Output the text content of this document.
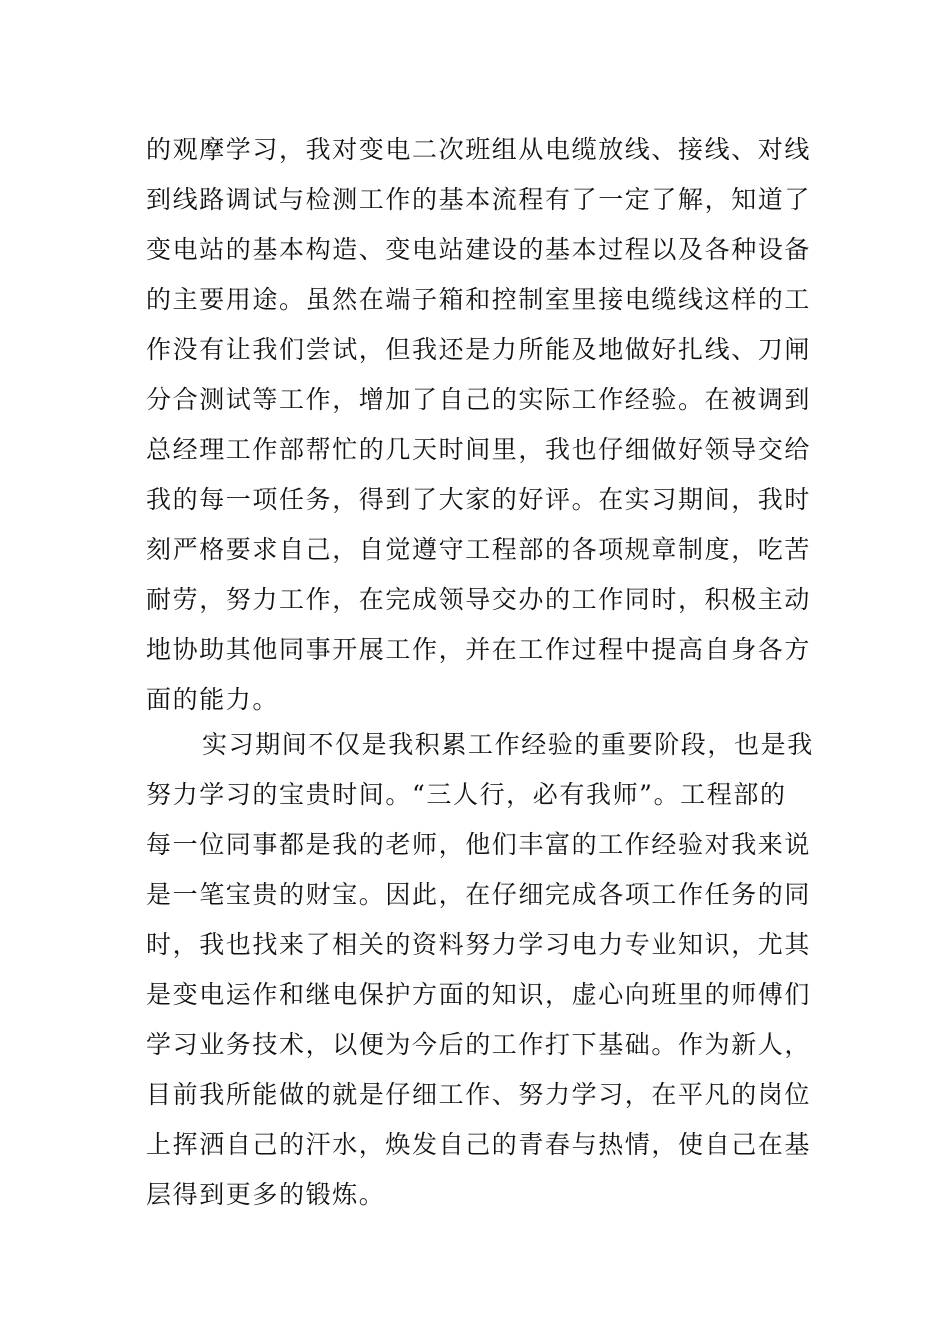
的观摩学习，我对变电二次班组从电缆放线、接线、对线
到线路调试与检测工作的基本流程有了一定了解，知道了
变电站的基本构造、变电站建设的基本过程以及各种设备
的主要用途。虽然在端子箱和控制室里接电缆线这样的工
作没有让我们尝试，但我还是力所能及地做好扎线、刀闸
分合测试等工作，增加了自己的实际工作经验。在被调到
总经理工作部帮忙的几天时间里，我也仔细做好领导交给
我的每一项任务，得到了大家的好评。在实习期间，我时
刻严格要求自己，自觉遵守工程部的各项规章制度，吃苦
耐劳，努力工作，在完成领导交办的工作同时，积极主动
地协助其他同事开展工作，并在工作过程中提高自身各方
面的能力。
实习期间不仅是我积累工作经验的重要阶段，也是我
努力学习的宝贵时间。“三人行，必有我师”。工程部的
每一位同事都是我的老师，他们丰富的工作经验对我来说
是一笔宝贵的财宝。因此，在仔细完成各项工作任务的同
时，我也找来了相关的资料努力学习电力专业知识，尤其
是变电运作和继电保护方面的知识，虚心向班里的师傅们
学习业务技术，以便为今后的工作打下基础。作为新人，
目前我所能做的就是仔细工作、努力学习，在平凡的岗位
上挥洒自己的汗水，焕发自己的青春与热情，使自己在基
层得到更多的锻炼。
